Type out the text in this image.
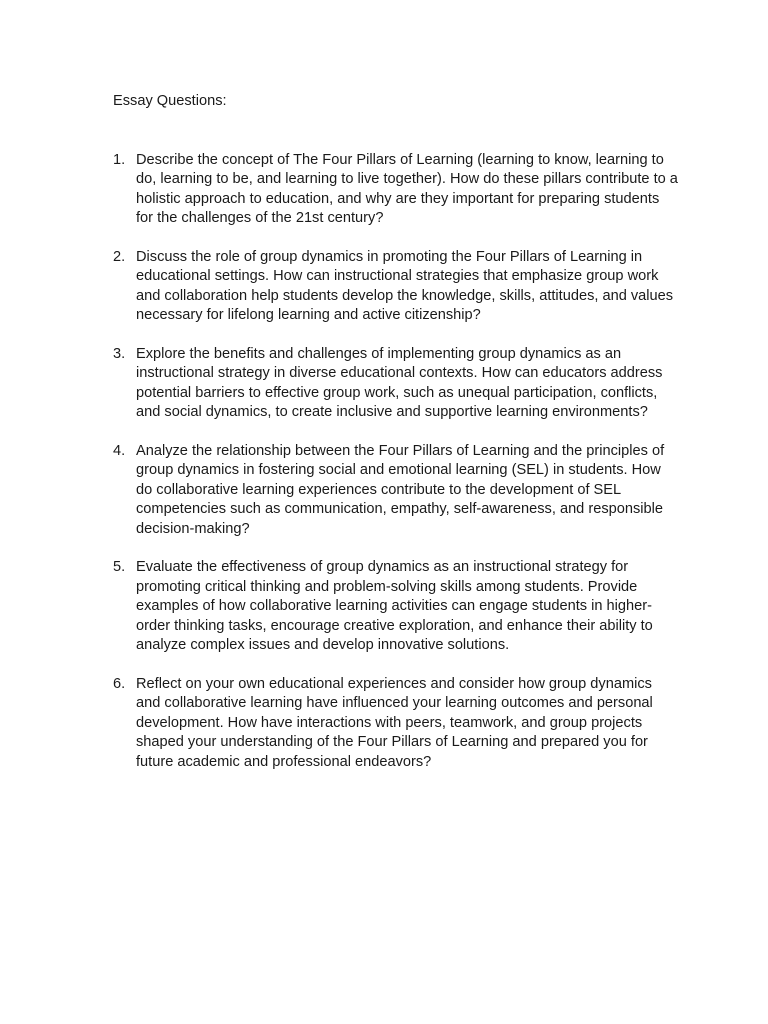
Essay Questions:

1. Describe the concept of The Four Pillars of Learning (learning to know, learning to do, learning to be, and learning to live together). How do these pillars contribute to a holistic approach to education, and why are they important for preparing students for the challenges of the 21st century?
2. Discuss the role of group dynamics in promoting the Four Pillars of Learning in educational settings. How can instructional strategies that emphasize group work and collaboration help students develop the knowledge, skills, attitudes, and values necessary for lifelong learning and active citizenship?
3. Explore the benefits and challenges of implementing group dynamics as an instructional strategy in diverse educational contexts. How can educators address potential barriers to effective group work, such as unequal participation, conflicts, and social dynamics, to create inclusive and supportive learning environments?
4. Analyze the relationship between the Four Pillars of Learning and the principles of group dynamics in fostering social and emotional learning (SEL) in students. How do collaborative learning experiences contribute to the development of SEL competencies such as communication, empathy, self-awareness, and responsible decision-making?
5. Evaluate the effectiveness of group dynamics as an instructional strategy for promoting critical thinking and problem-solving skills among students. Provide examples of how collaborative learning activities can engage students in higher-order thinking tasks, encourage creative exploration, and enhance their ability to analyze complex issues and develop innovative solutions.
6. Reflect on your own educational experiences and consider how group dynamics and collaborative learning have influenced your learning outcomes and personal development. How have interactions with peers, teamwork, and group projects shaped your understanding of the Four Pillars of Learning and prepared you for future academic and professional endeavors?
